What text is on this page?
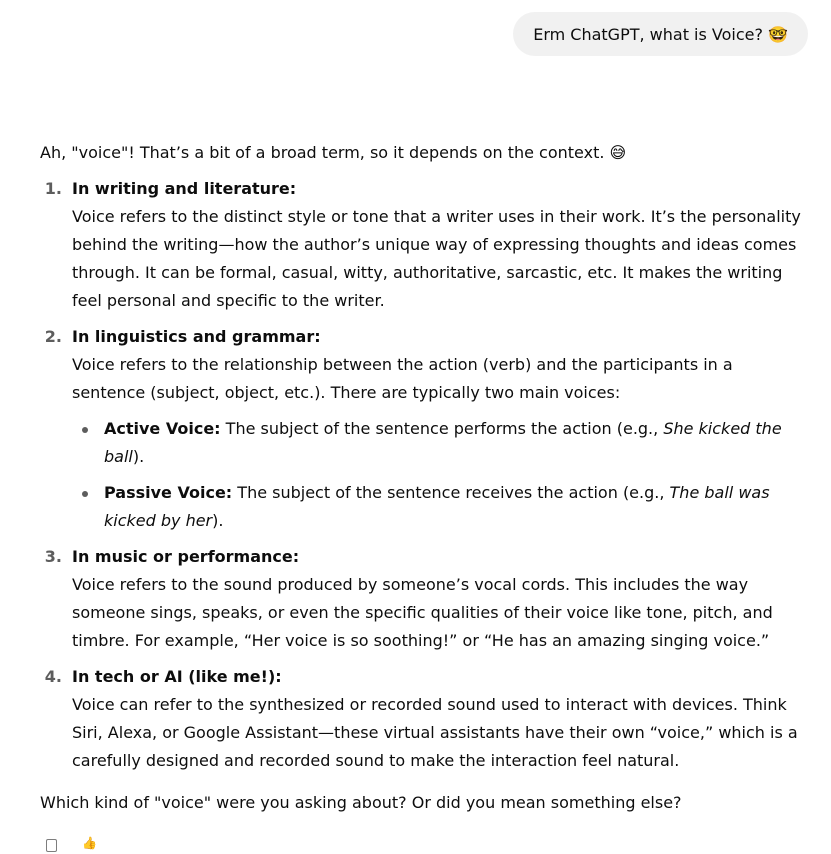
Erm ChatGPT, what is Voice? 🤓

Ah, "voice"! That’s a bit of a broad term, so it depends on the context. 😅

1. In writing and literature:
Voice refers to the distinct style or tone that a writer uses in their work. It’s the personality behind the writing—how the author’s unique way of expressing thoughts and ideas comes through. It can be formal, casual, witty, authoritative, sarcastic, etc. It makes the writing feel personal and specific to the writer.
2. In linguistics and grammar:
Voice refers to the relationship between the action (verb) and the participants in a sentence (subject, object, etc.). There are typically two main voices:
Active Voice: The subject of the sentence performs the action (e.g., She kicked the ball).
Passive Voice: The subject of the sentence receives the action (e.g., The ball was kicked by her).
3. In music or performance:
Voice refers to the sound produced by someone’s vocal cords. This includes the way someone sings, speaks, or even the specific qualities of their voice like tone, pitch, and timbre. For example, “Her voice is so soothing!” or “He has an amazing singing voice.”
4. In tech or AI (like me!):
Voice can refer to the synthesized or recorded sound used to interact with devices. Think Siri, Alexa, or Google Assistant—these virtual assistants have their own “voice,” which is a carefully designed and recorded sound to make the interaction feel natural.

Which kind of "voice" were you asking about? Or did you mean something else?

👍
